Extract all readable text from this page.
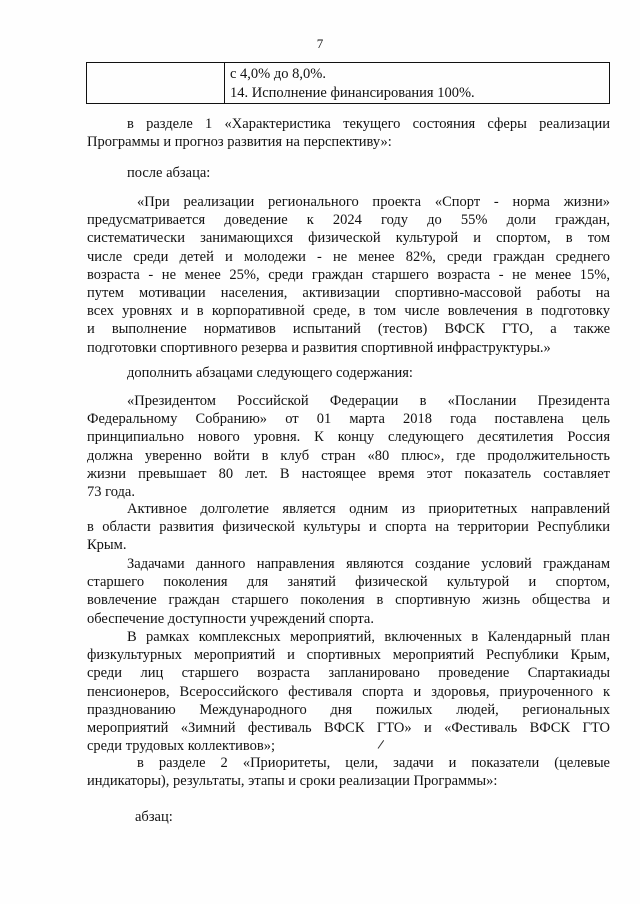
7
с 4,0% до 8,0%.
14. Исполнение финансирования 100%.
в разделе 1 «Характеристика текущего состояния сферы реализации
Программы и прогноз развития на перспективу»:
после абзаца:
«При реализации регионального проекта «Спорт - норма жизни»
предусматривается доведение к 2024 году до 55% доли граждан,
систематически занимающихся физической культурой и спортом, в том
числе среди детей и молодежи - не менее 82%, среди граждан среднего
возраста - не менее 25%, среди граждан старшего возраста - не менее 15%,
путем мотивации населения, активизации спортивно-массовой работы на
всех уровнях и в корпоративной среде, в том числе вовлечения в подготовку
и выполнение нормативов испытаний (тестов) ВФСК ГТО, а также
подготовки спортивного резерва и развития спортивной инфраструктуры.»
дополнить абзацами следующего содержания:
«Президентом Российской Федерации в «Послании Президента
Федеральному Собранию» от 01 марта 2018 года поставлена цель
принципиально нового уровня. К концу следующего десятилетия Россия
должна уверенно войти в клуб стран «80 плюс», где продолжительность
жизни превышает 80 лет. В настоящее время этот показатель составляет
73 года.
Активное долголетие является одним из приоритетных направлений
в области развития физической культуры и спорта на территории Республики
Крым.
Задачами данного направления являются создание условий гражданам
старшего поколения для занятий физической культурой и спортом,
вовлечение граждан старшего поколения в спортивную жизнь общества и
обеспечение доступности учреждений спорта.
В рамках комплексных мероприятий, включенных в Календарный план
физкультурных мероприятий и спортивных мероприятий Республики Крым,
среди лиц старшего возраста запланировано проведение Спартакиады
пенсионеров, Всероссийского фестиваля спорта и здоровья, приуроченного к
празднованию Международного дня пожилых людей, региональных
мероприятий «Зимний фестиваль ВФСК ГТО» и «Фестиваль ВФСК ГТО
среди трудовых коллективов»;
в разделе 2 «Приоритеты, цели, задачи и показатели (целевые
индикаторы), результаты, этапы и сроки реализации Программы»:
абзац:
